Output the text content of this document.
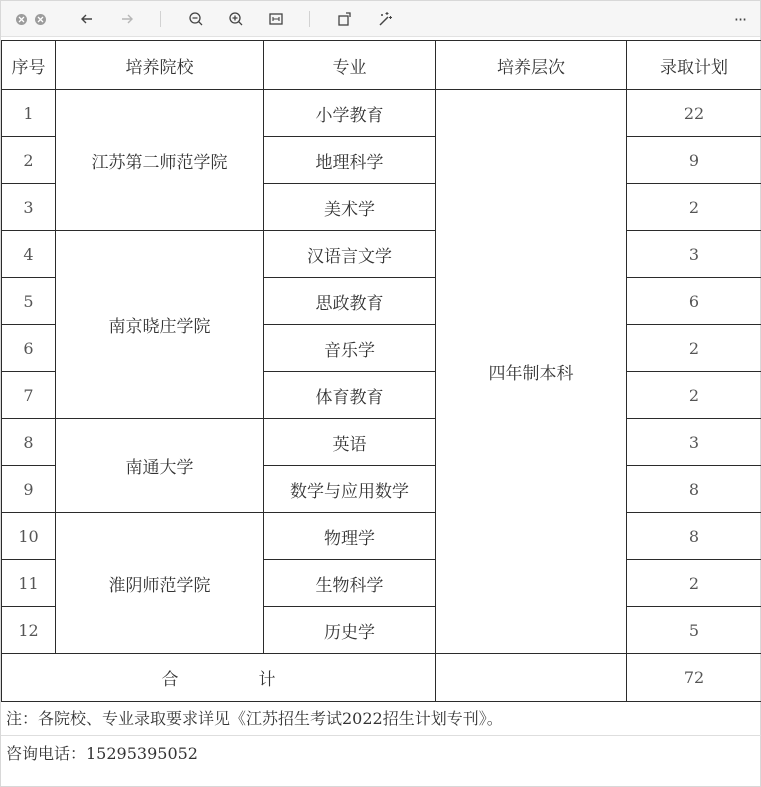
···
序号	培养院校	专业	培养层次	录取计划
1	江苏第二师范学院	小学教育	四年制本科	22
2		地理科学		9
3		美术学		2
4	南京晓庄学院	汉语言文学		3
5		思政教育		6
6		音乐学		2
7		体育教育		2
8	南通大学	英语		3
9		数学与应用数学		8
10	淮阴师范学院	物理学		8
11		生物科学		2
12		历史学		5
合 计				72
注：各院校、专业录取要求详见《江苏招生考试2022招生计划专刊》。
咨询电话：15295395052
